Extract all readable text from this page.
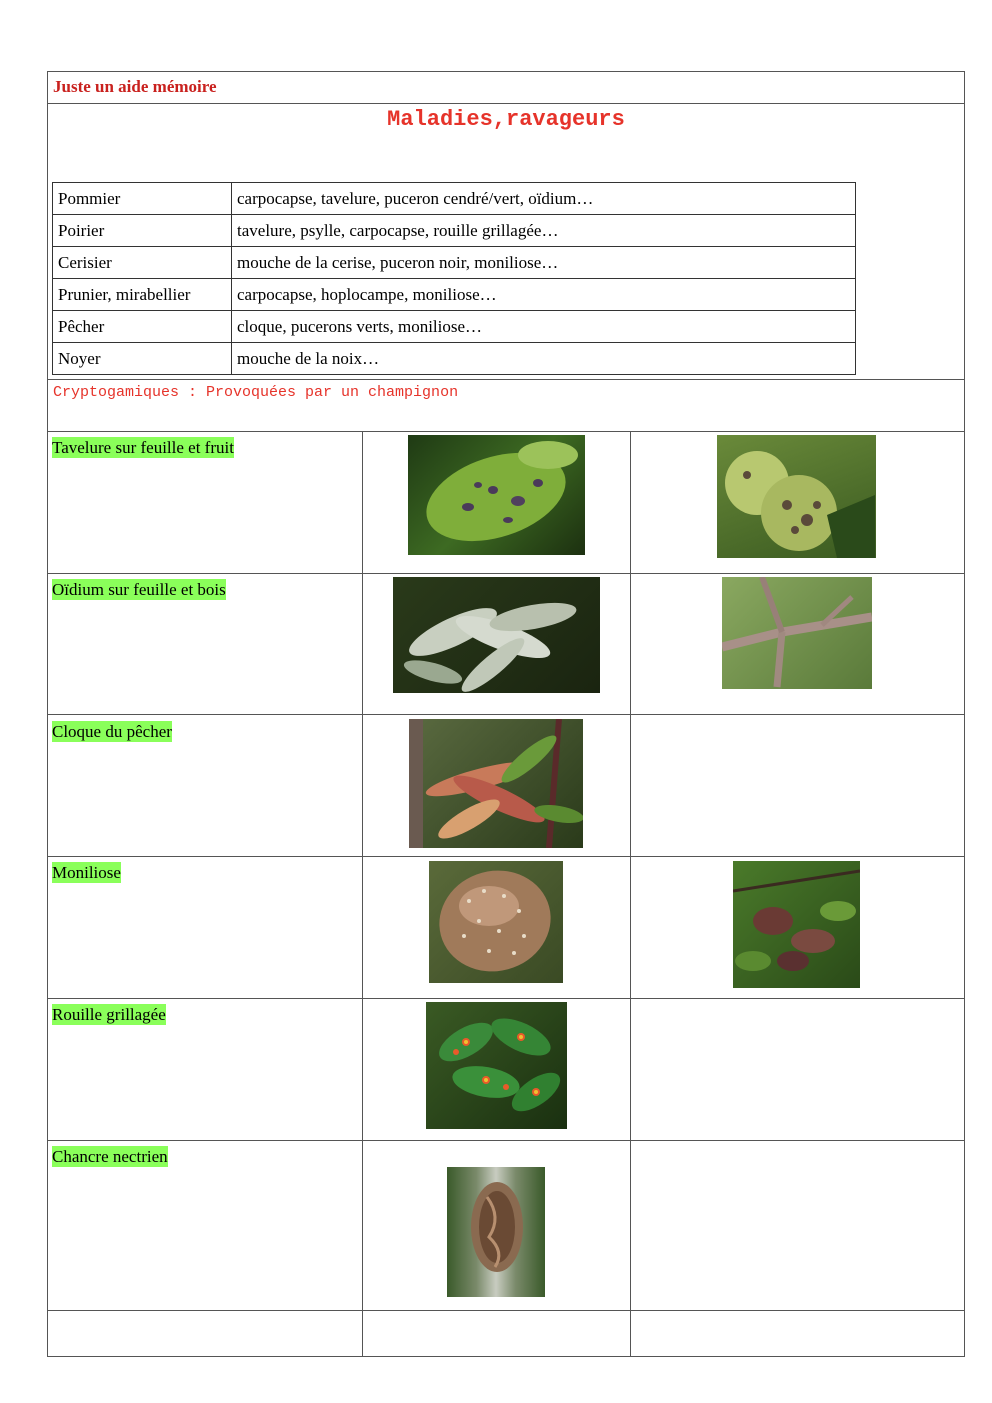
Juste un aide mémoire
Maladies,ravageurs
Pommier	carpocapse, tavelure, puceron cendré/vert, oïdium…
Poirier	tavelure, psylle, carpocapse, rouille grillagée…
Cerisier	mouche de la cerise, puceron noir, moniliose…
Prunier, mirabellier	carpocapse, hoplocampe, moniliose…
Pêcher	cloque, pucerons verts, moniliose…
Noyer	mouche de la noix…
Cryptogamiques : Provoquées par un champignon
Tavelure sur feuille et fruit
Oïdium sur feuille et bois
Cloque du pêcher
Moniliose
Rouille grillagée
Chancre nectrien
